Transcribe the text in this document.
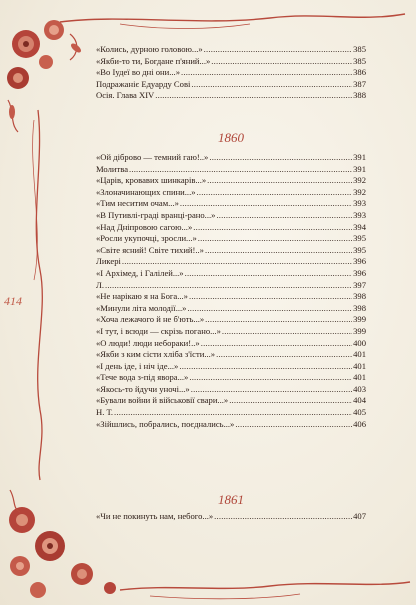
414
«Колись, дурною головою...» .....	385
«Якби-то ти, Богдане п'яний...» .....	385
«Во Іудеї во дні они...» .....	386
Подражаніє Едуарду Сові .....	387
Осія. Глава XIV .....	388
1860
«Ой діброво — темний гаю!..» .....	391
Молитва .....	391
«Царів, кровавих шинкарів...» .....	392
«Злоначинающих спини...» .....	392
«Тим неситим очам...» .....	393
«В Путивлі-граді вранці-рано...» .....	393
«Над Дніпровою сагою...» .....	394
«Росли укупочці, зросли...» .....	395
«Світе ясний! Світе тихий!..» .....	395
Ликері .....	396
«І Архімед, і Галілей...» .....	396
Л. .....	397
«Не нарікаю я на Бога...» .....	398
«Минули літа молодії...» .....	398
«Хоча лежачого й не б'ють...» .....	399
«І тут, і всюди — скрізь погано...» .....	399
«О люди! люди небораки!..» .....	400
«Якби з ким сісти хліба з'їсти...» .....	401
«І день іде, і ніч іде...» .....	401
«Тече вода з-під явора...» .....	401
«Якось-то йдучи уночі...» .....	403
«Бували войни й військовії свари...» .....	404
Н. Т. .....	405
«Зійшлись, побрались, поєднались...» .....	406
1861
«Чи не покинуть нам, небого...» .....	407
